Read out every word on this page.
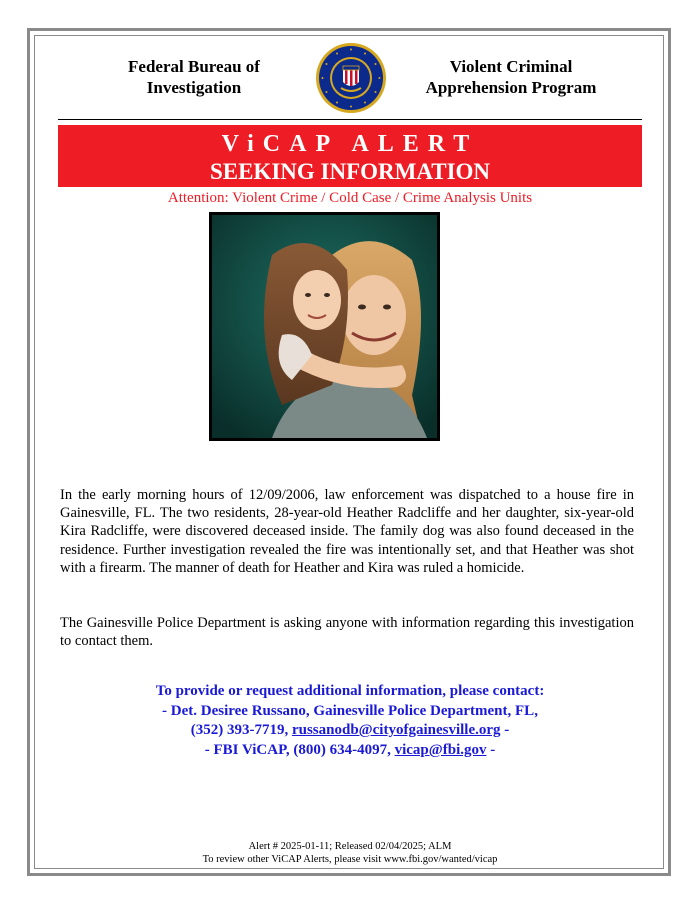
Federal Bureau of
Investigation
Violent Criminal
Apprehension Program
ViCAP ALERT
SEEKING INFORMATION
Attention: Violent Crime / Cold Case / Crime Analysis Units
In the early morning hours of 12/09/2006, law enforcement was dispatched to a house fire in Gainesville, FL. The two residents, 28-year-old Heather Radcliffe and her daughter, six-year-old Kira Radcliffe, were discovered deceased inside. The family dog was also found deceased in the residence. Further investigation revealed the fire was intentionally set, and that Heather was shot with a firearm. The manner of death for Heather and Kira was ruled a homicide.
The Gainesville Police Department is asking anyone with information regarding this investigation to contact them.
To provide or request additional information, please contact:
- Det. Desiree Russano, Gainesville Police Department, FL,
(352) 393-7719, russanodb@cityofgainesville.org -
- FBI ViCAP, (800) 634-4097, vicap@fbi.gov -
Alert # 2025-01-11; Released 02/04/2025; ALM
To review other ViCAP Alerts, please visit www.fbi.gov/wanted/vicap
